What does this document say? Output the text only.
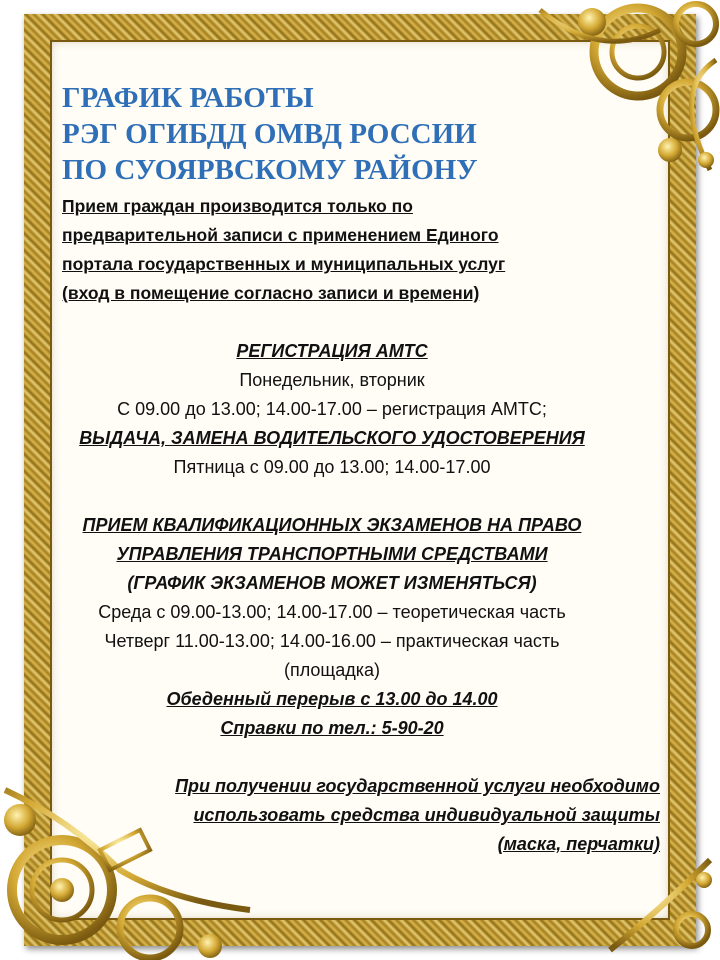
ГРАФИК РАБОТЫ
РЭГ ОГИБДД ОМВД РОССИИ
ПО СУОЯРВСКОМУ РАЙОНУ
Прием граждан производится только по
предварительной записи с применением Единого
портала государственных и муниципальных услуг
(вход в помещение согласно записи и времени)
РЕГИСТРАЦИЯ АМТС
Понедельник, вторник
С 09.00 до 13.00; 14.00-17.00 – регистрация АМТС;
ВЫДАЧА, ЗАМЕНА ВОДИТЕЛЬСКОГО УДОСТОВЕРЕНИЯ
Пятница с 09.00 до 13.00; 14.00-17.00
ПРИЕМ КВАЛИФИКАЦИОННЫХ ЭКЗАМЕНОВ НА ПРАВО
УПРАВЛЕНИЯ ТРАНСПОРТНЫМИ СРЕДСТВАМИ
(ГРАФИК ЭКЗАМЕНОВ МОЖЕТ ИЗМЕНЯТЬСЯ)
Среда с 09.00-13.00; 14.00-17.00 – теоретическая часть
Четверг 11.00-13.00; 14.00-16.00 – практическая часть
(площадка)
Обеденный перерыв с 13.00 до 14.00
Справки по тел.: 5-90-20
При получении государственной услуги необходимо
использовать средства индивидуальной защиты
(маска, перчатки)
